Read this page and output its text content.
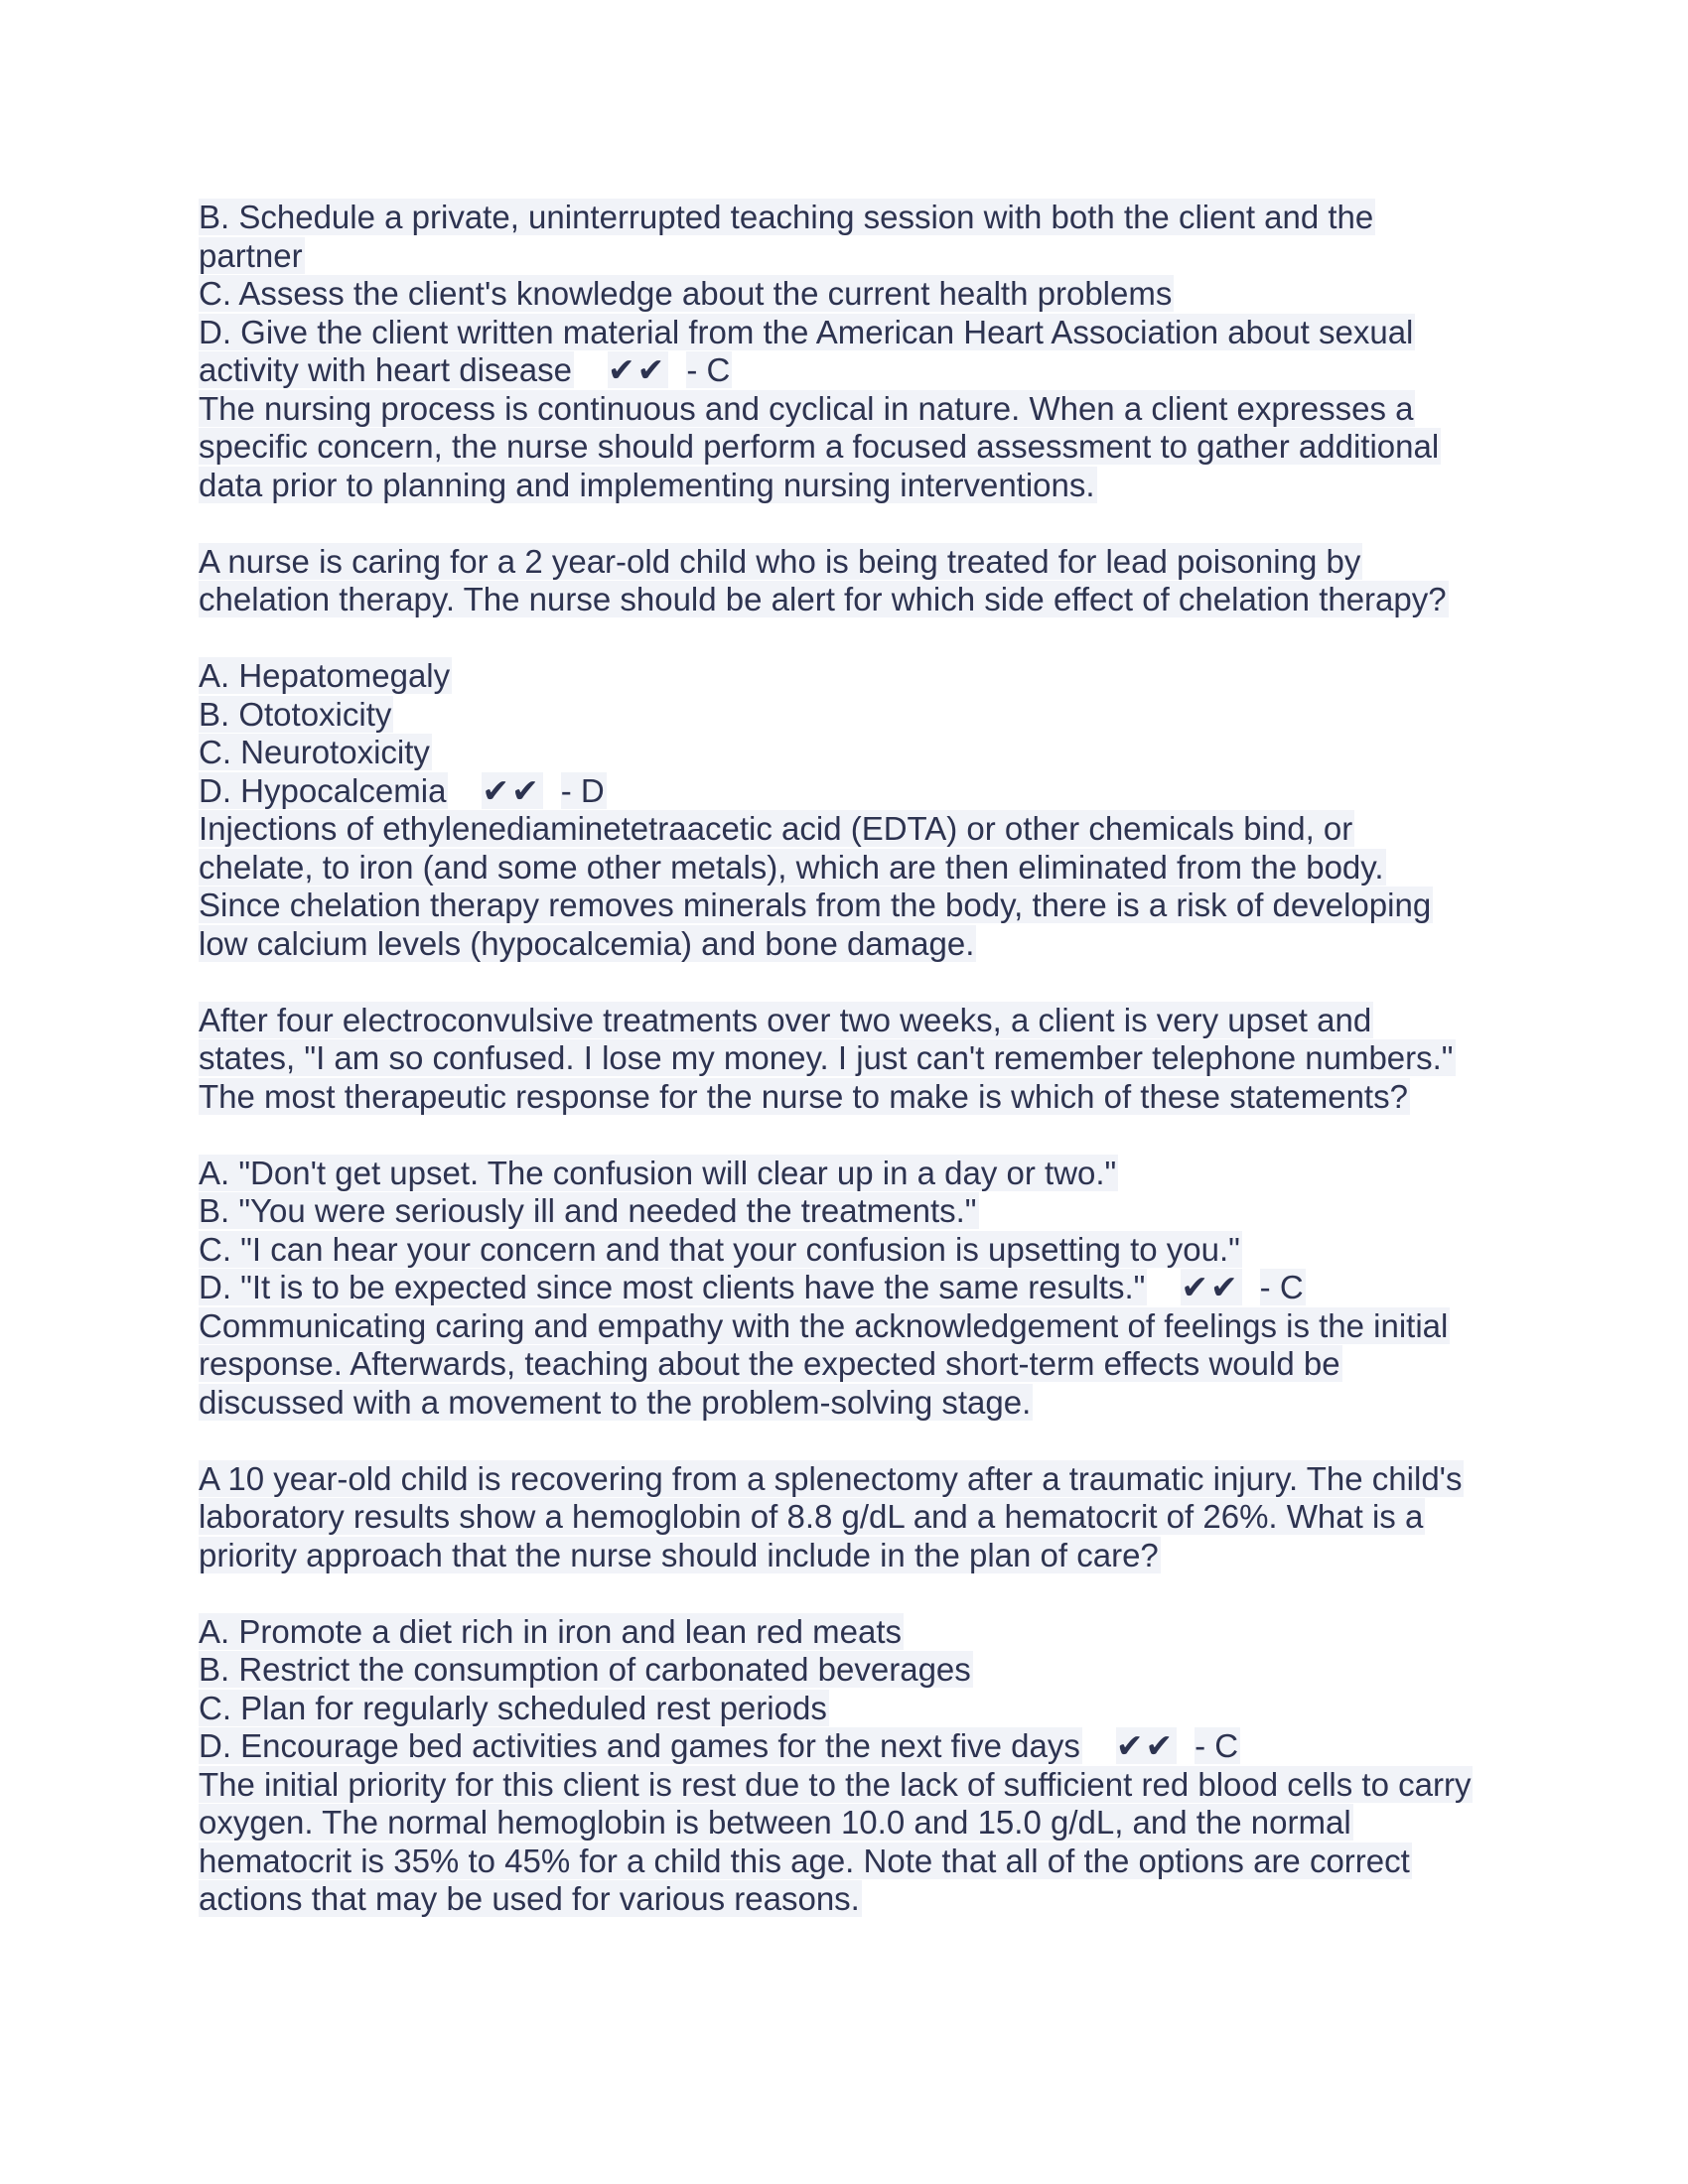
B. Schedule a private, uninterrupted teaching session with both the client and the
partner
C. Assess the client's knowledge about the current health problems
D. Give the client written material from the American Heart Association about sexual
activity with heart disease ✔✔ - C
The nursing process is continuous and cyclical in nature. When a client expresses a
specific concern, the nurse should perform a focused assessment to gather additional
data prior to planning and implementing nursing interventions.
A nurse is caring for a 2 year-old child who is being treated for lead poisoning by
chelation therapy. The nurse should be alert for which side effect of chelation therapy?
A. Hepatomegaly
B. Ototoxicity
C. Neurotoxicity
D. Hypocalcemia ✔✔ - D
Injections of ethylenediaminetetraacetic acid (EDTA) or other chemicals bind, or
chelate, to iron (and some other metals), which are then eliminated from the body.
Since chelation therapy removes minerals from the body, there is a risk of developing
low calcium levels (hypocalcemia) and bone damage.
After four electroconvulsive treatments over two weeks, a client is very upset and
states, "I am so confused. I lose my money. I just can't remember telephone numbers."
The most therapeutic response for the nurse to make is which of these statements?
A. "Don't get upset. The confusion will clear up in a day or two."
B. "You were seriously ill and needed the treatments."
C. "I can hear your concern and that your confusion is upsetting to you."
D. "It is to be expected since most clients have the same results." ✔✔ - C
Communicating caring and empathy with the acknowledgement of feelings is the initial
response. Afterwards, teaching about the expected short-term effects would be
discussed with a movement to the problem-solving stage.
A 10 year-old child is recovering from a splenectomy after a traumatic injury. The child's
laboratory results show a hemoglobin of 8.8 g/dL and a hematocrit of 26%. What is a
priority approach that the nurse should include in the plan of care?
A. Promote a diet rich in iron and lean red meats
B. Restrict the consumption of carbonated beverages
C. Plan for regularly scheduled rest periods
D. Encourage bed activities and games for the next five days ✔✔ - C
The initial priority for this client is rest due to the lack of sufficient red blood cells to carry
oxygen. The normal hemoglobin is between 10.0 and 15.0 g/dL, and the normal
hematocrit is 35% to 45% for a child this age. Note that all of the options are correct
actions that may be used for various reasons.
